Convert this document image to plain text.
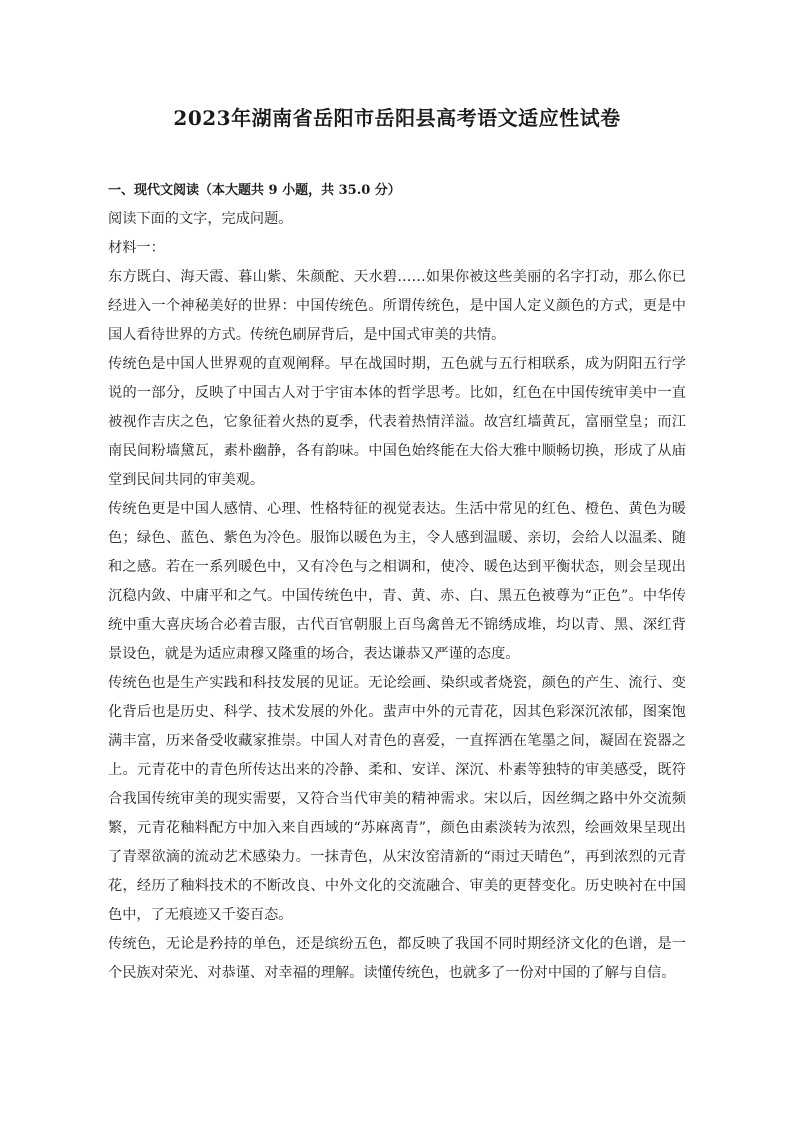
2023年湖南省岳阳市岳阳县高考语文适应性试卷
一、现代文阅读（本大题共 9 小题，共 35.0 分）

阅读下面的文字，完成问题。

材料一：

东方既白、海天霞、暮山紫、朱颜酡、天水碧……如果你被这些美丽的名字打动，那么你已经进入一个神秘美好的世界：中国传统色。所谓传统色，是中国人定义颜色的方式，更是中国人看待世界的方式。传统色刷屏背后，是中国式审美的共情。

传统色是中国人世界观的直观阐释。早在战国时期，五色就与五行相联系，成为阴阳五行学说的一部分，反映了中国古人对于宇宙本体的哲学思考。比如，红色在中国传统审美中一直被视作吉庆之色，它象征着火热的夏季，代表着热情洋溢。故宫红墙黄瓦，富丽堂皇；而江南民间粉墙黛瓦，素朴幽静，各有韵味。中国色始终能在大俗大雅中顺畅切换，形成了从庙堂到民间共同的审美观。

传统色更是中国人感情、心理、性格特征的视觉表达。生活中常见的红色、橙色、黄色为暖色；绿色、蓝色、紫色为冷色。服饰以暖色为主，令人感到温暖、亲切，会给人以温柔、随和之感。若在一系列暖色中，又有冷色与之相调和，使冷、暖色达到平衡状态，则会呈现出沉稳内敛、中庸平和之气。中国传统色中，青、黄、赤、白、黑五色被尊为“正色”。中华传统中重大喜庆场合必着吉服，古代百官朝服上百鸟禽兽无不锦绣成堆，均以青、黑、深红背景设色，就是为适应肃穆又隆重的场合，表达谦恭又严谨的态度。

传统色也是生产实践和科技发展的见证。无论绘画、染织或者烧瓷，颜色的产生、流行、变化背后也是历史、科学、技术发展的外化。蜚声中外的元青花，因其色彩深沉浓郁，图案饱满丰富，历来备受收藏家推崇。中国人对青色的喜爱，一直挥洒在笔墨之间，凝固在瓷器之上。元青花中的青色所传达出来的冷静、柔和、安详、深沉、朴素等独特的审美感受，既符合我国传统审美的现实需要，又符合当代审美的精神需求。宋以后，因丝绸之路中外交流频繁，元青花釉料配方中加入来自西域的“苏麻离青”，颜色由素淡转为浓烈，绘画效果呈现出了青翠欲滴的流动艺术感染力。一抹青色，从宋汝窑清新的“雨过天晴色”，再到浓烈的元青花，经历了釉料技术的不断改良、中外文化的交流融合、审美的更替变化。历史映衬在中国色中，了无痕迹又千姿百态。

传统色，无论是矜持的单色，还是缤纷五色，都反映了我国不同时期经济文化的色谱，是一个民族对荣光、对恭谨、对幸福的理解。读懂传统色，也就多了一份对中国的了解与自信。
